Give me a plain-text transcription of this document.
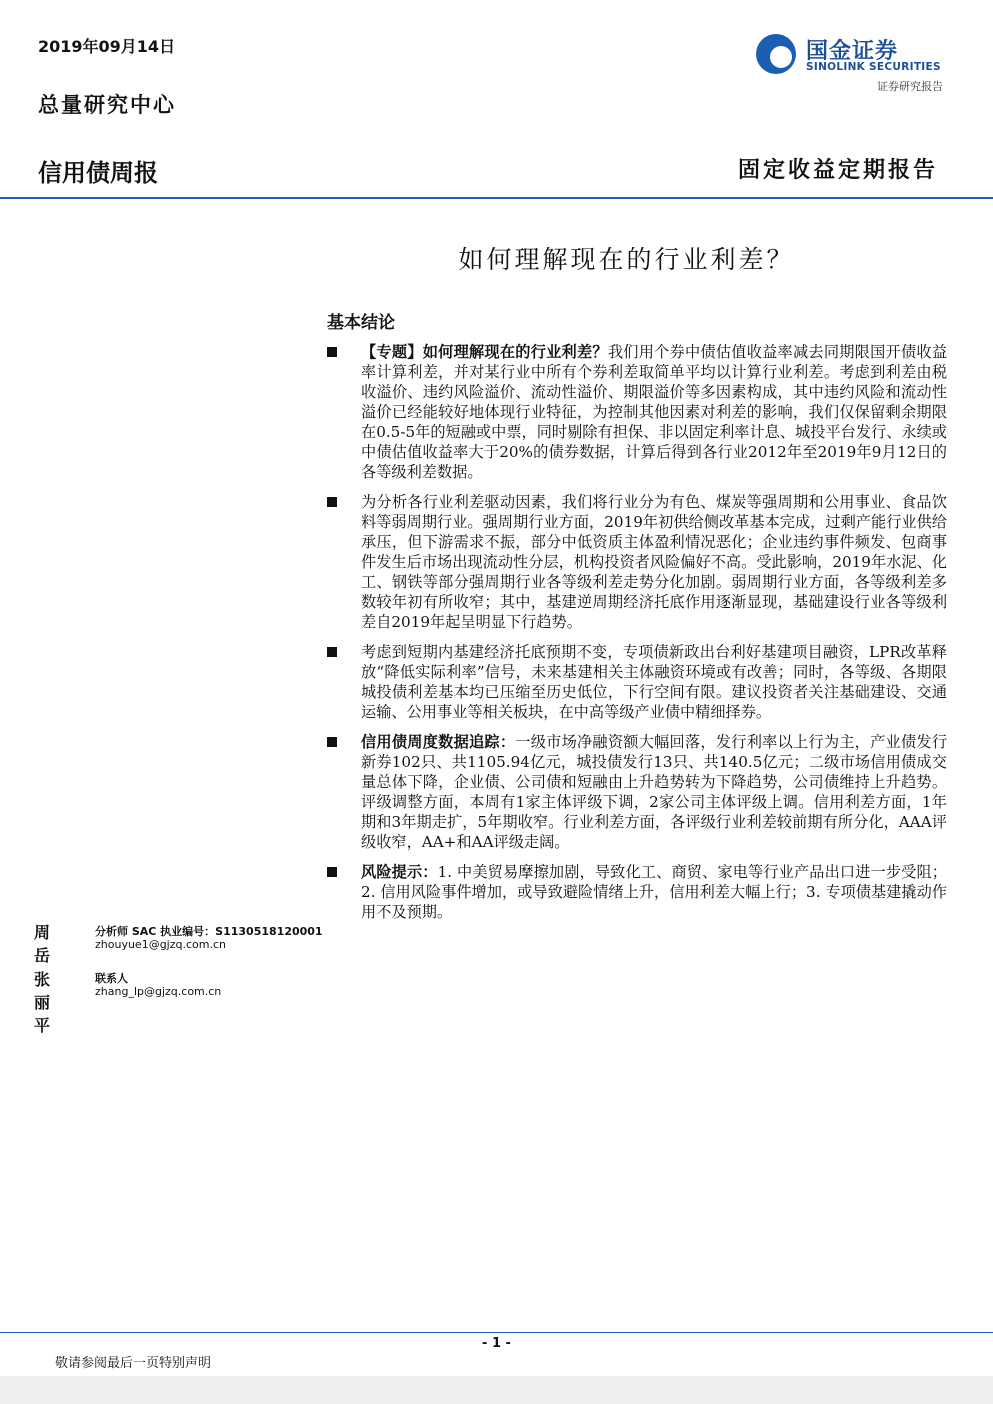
2019年09月14日
总量研究中心
国金证券
SINOLINK SECURITIES
证券研究报告
信用债周报	固定收益定期报告
如何理解现在的行业利差？
基本结论
【专题】如何理解现在的行业利差？我们用个券中债估值收益率减去同期限国开债收益率计算利差，并对某行业中所有个券利差取简单平均以计算行业利差。考虑到利差由税收溢价、违约风险溢价、流动性溢价、期限溢价等多因素构成，其中违约风险和流动性溢价已经能较好地体现行业特征，为控制其他因素对利差的影响，我们仅保留剩余期限在0.5-5年的短融或中票，同时剔除有担保、非以固定利率计息、城投平台发行、永续或中债估值收益率大于20%的债券数据，计算后得到各行业2012年至2019年9月12日的各等级利差数据。
为分析各行业利差驱动因素，我们将行业分为有色、煤炭等强周期和公用事业、食品饮料等弱周期行业。强周期行业方面，2019年初供给侧改革基本完成，过剩产能行业供给承压，但下游需求不振，部分中低资质主体盈利情况恶化；企业违约事件频发、包商事件发生后市场出现流动性分层，机构投资者风险偏好不高。受此影响，2019年水泥、化工、钢铁等部分强周期行业各等级利差走势分化加剧。弱周期行业方面，各等级利差多数较年初有所收窄；其中，基建逆周期经济托底作用逐渐显现，基础建设行业各等级利差自2019年起呈明显下行趋势。
考虑到短期内基建经济托底预期不变，专项债新政出台利好基建项目融资，LPR改革释放“降低实际利率”信号，未来基建相关主体融资环境或有改善；同时，各等级、各期限城投债利差基本均已压缩至历史低位，下行空间有限。建议投资者关注基础建设、交通运输、公用事业等相关板块，在中高等级产业债中精细择券。
信用债周度数据追踪：一级市场净融资额大幅回落，发行利率以上行为主，产业债发行新券102只、共1105.94亿元，城投债发行13只、共140.5亿元；二级市场信用债成交量总体下降，企业债、公司债和短融由上升趋势转为下降趋势，公司债维持上升趋势。评级调整方面，本周有1家主体评级下调，2家公司主体评级上调。信用利差方面，1年期和3年期走扩，5年期收窄。行业利差方面，各评级行业利差较前期有所分化，AAA评级收窄，AA+和AA评级走阔。
风险提示：1. 中美贸易摩擦加剧，导致化工、商贸、家电等行业产品出口进一步受阻；2. 信用风险事件增加，或导致避险情绪上升，信用利差大幅上行；3. 专项债基建撬动作用不及预期。
周岳
分析师 SAC 执业编号：S1130518120001
zhouyue1@gjzq.com.cn
张丽平
联系人
zhang_lp@gjzq.com.cn
- 1 -
敬请参阅最后一页特别声明
